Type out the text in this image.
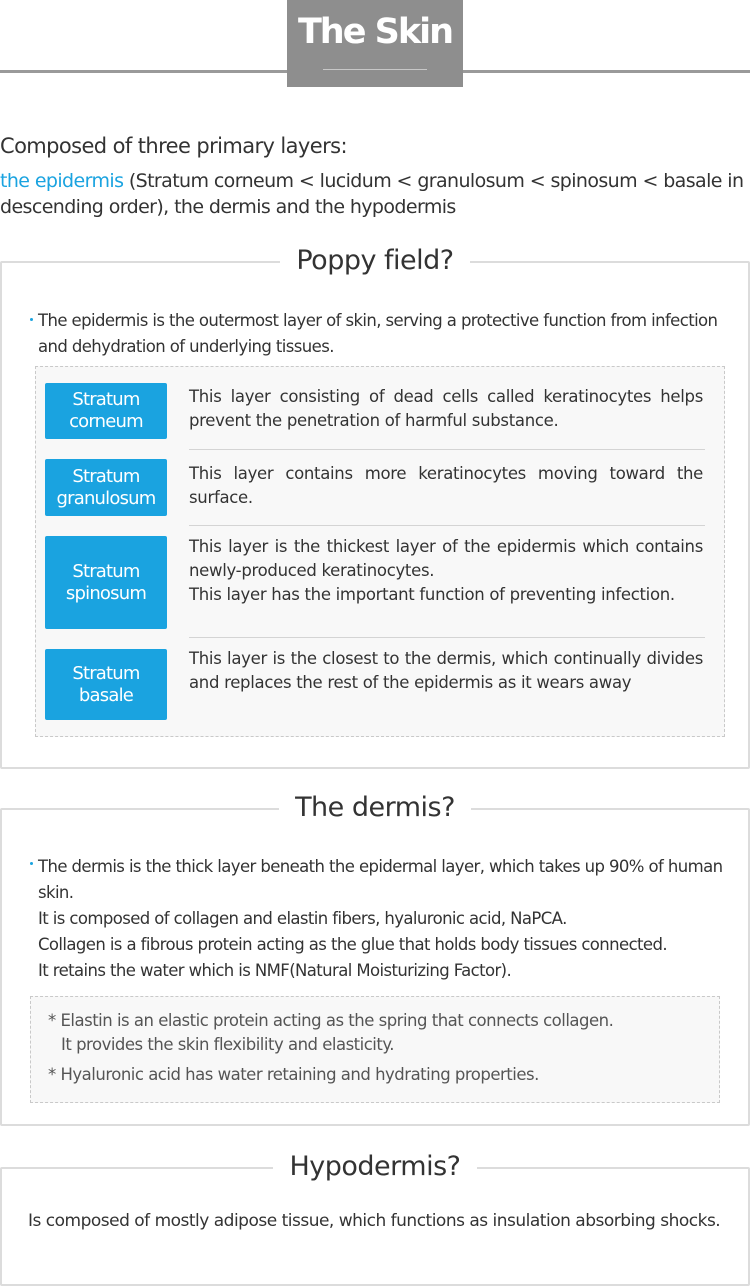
The Skin
Composed of three primary layers:
the epidermis (Stratum corneum < lucidum < granulosum < spinosum < basale in descending order), the dermis and the hypodermis
Poppy field?
The epidermis is the outermost layer of skin, serving a protective function from infection and dehydration of underlying tissues.
Stratum
corneum
This layer consisting of dead cells called keratinocytes helps prevent the penetration of harmful substance.
Stratum
granulosum
This layer contains more keratinocytes moving toward the surface.
Stratum
spinosum
This layer is the thickest layer of the epidermis which contains newly-produced keratinocytes.
This layer has the important function of preventing infection.
Stratum
basale
This layer is the closest to the dermis, which continually divides and replaces the rest of the epidermis as it wears away
The dermis?
The dermis is the thick layer beneath the epidermal layer, which takes up 90% of human skin.
It is composed of collagen and elastin fibers, hyaluronic acid, NaPCA.
Collagen is a fibrous protein acting as the glue that holds body tissues connected.
It retains the water which is NMF(Natural Moisturizing Factor).
* Elastin is an elastic protein acting as the spring that connects collagen.
It provides the skin flexibility and elasticity.
* Hyaluronic acid has water retaining and hydrating properties.
Hypodermis?
Is composed of mostly adipose tissue, which functions as insulation absorbing shocks.
